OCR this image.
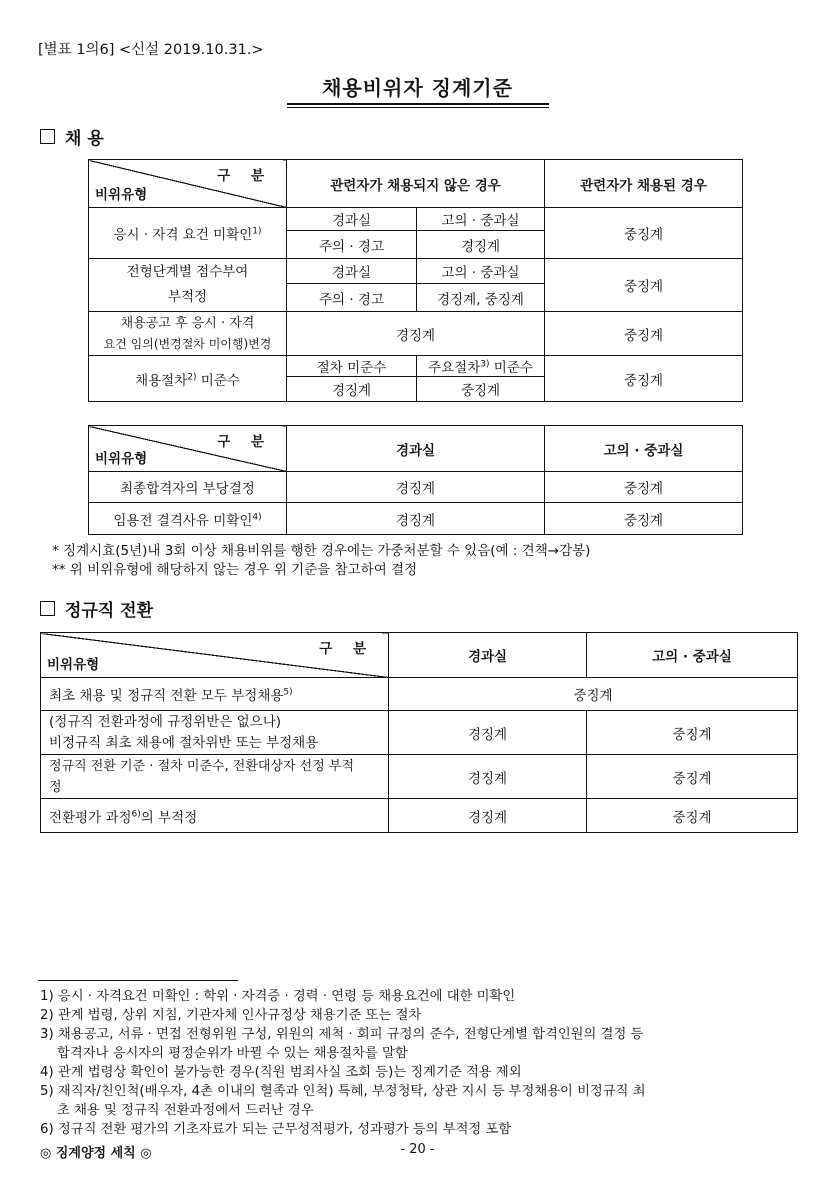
[별표 1의6] <신설 2019.10.31.>
채용비위자 징계기준
채 용
구 분
비위유형	관련자가 채용되지 않은 경우		관련자가 채용된 경우
응시 · 자격 요건 미확인$^{1)}$	경과실	고의 · 중과실	중징계
	주의 · 경고	경징계	

전형단계별 점수부여
부적정	경과실	고의 · 중과실	중징계
	주의 · 경고	경징계, 중징계	

채용공고 후 응시 · 자격
요건 임의(변경절차 미이행)변경	경징계		중징계
채용절차$^{2)}$ 미준수	절차 미준수	주요절차$^{3)}$ 미준수	중징계
	경징계	중징계	
구 분
비위유형	경과실	고의 · 중과실
최종합격자의 부당결정	경징계	중징계
임용전 결격사유 미확인$^{4)}$	경징계	중징계
* 징계시효(5년)내 3회 이상 채용비위를 행한 경우에는 가중처분할 수 있음(예 : 견책→감봉)
** 위 비위유형에 해당하지 않는 경우 위 기준을 참고하여 결정
정규직 전환
구 분
비위유형	경과실	고의 · 중과실
최초 채용 및 정규직 전환 모두 부정채용$^{5)}$	중징계	

(정규직 전환과정에 규정위반은 없으나)
비정규직 최초 채용에 절차위반 또는 부정채용	경징계	중징계

정규직 전환 기준 · 절차 미준수, 전환대상자 선정 부적
정	경징계	중징계
전환평가 과정$^{6)}$의 부적정	경징계	중징계
1) 응시 · 자격요건 미확인 : 학위 · 자격증 · 경력 · 연령 등 채용요건에 대한 미확인
2) 관계 법령, 상위 지침, 기관자체 인사규정상 채용기준 또는 절차
3) 채용공고, 서류 · 면접 전형위원 구성, 위원의 제척 · 회피 규정의 준수, 전형단계별 합격인원의 결정 등
합격자나 응시자의 평정순위가 바뀔 수 있는 채용절차를 말함
4) 관계 법령상 확인이 불가능한 경우(직원 범죄사실 조회 등)는 징계기준 적용 제외
5) 재직자/친인척(배우자, 4촌 이내의 혈족과 인척) 특혜, 부정청탁, 상관 지시 등 부정채용이 비정규직 최
초 채용 및 정규직 전환과정에서 드러난 경우
6) 정규직 전환 평가의 기초자료가 되는 근무성적평가, 성과평가 등의 부적정 포함
◎ 징계양정 세칙 ◎	- 20 -
